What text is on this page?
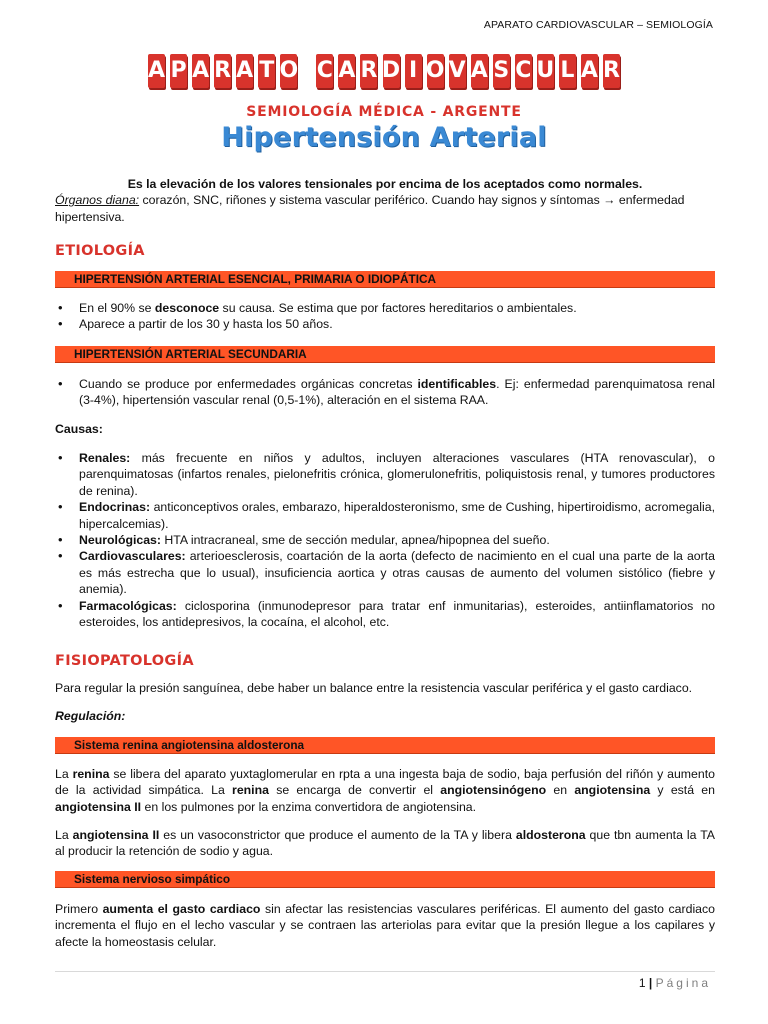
APARATO CARDIOVASCULAR – SEMIOLOGÍA
A P A R A T O C A R D I O V A S C U L A R
SEMIOLOGÍA MÉDICA - ARGENTE
Hipertensión Arterial

Es la elevación de los valores tensionales por encima de los aceptados como normales.

Órganos diana: corazón, SNC, riñones y sistema vascular periférico. Cuando hay signos y síntomas → enfermedad hipertensiva.

ETIOLOGÍA
HIPERTENSIÓN ARTERIAL ESENCIAL, PRIMARIA O IDIOPÁTICA
• En el 90% se desconoce su causa. Se estima que por factores hereditarios o ambientales.
• Aparece a partir de los 30 y hasta los 50 años.
HIPERTENSIÓN ARTERIAL SECUNDARIA
• Cuando se produce por enfermedades orgánicas concretas identificables. Ej: enfermedad parenquimatosa renal (3-4%), hipertensión vascular renal (0,5-1%), alteración en el sistema RAA.
Causas:
• Renales: más frecuente en niños y adultos, incluyen alteraciones vasculares (HTA renovascular), o parenquimatosas (infartos renales, pielonefritis crónica, glomerulonefritis, poliquistosis renal, y tumores productores de renina).
• Endocrinas: anticonceptivos orales, embarazo, hiperaldosteronismo, sme de Cushing, hipertiroidismo, acromegalia, hipercalcemias).
• Neurológicas: HTA intracraneal, sme de sección medular, apnea/hipopnea del sueño.
• Cardiovasculares: arterioesclerosis, coartación de la aorta (defecto de nacimiento en el cual una parte de la aorta es más estrecha que lo usual), insuficiencia aortica y otras causas de aumento del volumen sistólico (fiebre y anemia).
• Farmacológicas: ciclosporina (inmunodepresor para tratar enf inmunitarias), esteroides, antiinflamatorios no esteroides, los antidepresivos, la cocaína, el alcohol, etc.
FISIOPATOLOGÍA
Para regular la presión sanguínea, debe haber un balance entre la resistencia vascular periférica y el gasto cardiaco.
Regulación:
Sistema renina angiotensina aldosterona
La renina se libera del aparato yuxtaglomerular en rpta a una ingesta baja de sodio, baja perfusión del riñón y aumento de la actividad simpática. La renina se encarga de convertir el angiotensinógeno en angiotensina y está en angiotensina II en los pulmones por la enzima convertidora de angiotensina.
La angiotensina II es un vasoconstrictor que produce el aumento de la TA y libera aldosterona que tbn aumenta la TA al producir la retención de sodio y agua.
Sistema nervioso simpático
Primero aumenta el gasto cardiaco sin afectar las resistencias vasculares periféricas. El aumento del gasto cardiaco incrementa el flujo en el lecho vascular y se contraen las arteriolas para evitar que la presión llegue a los capilares y afecte la homeostasis celular.
1 | Página
